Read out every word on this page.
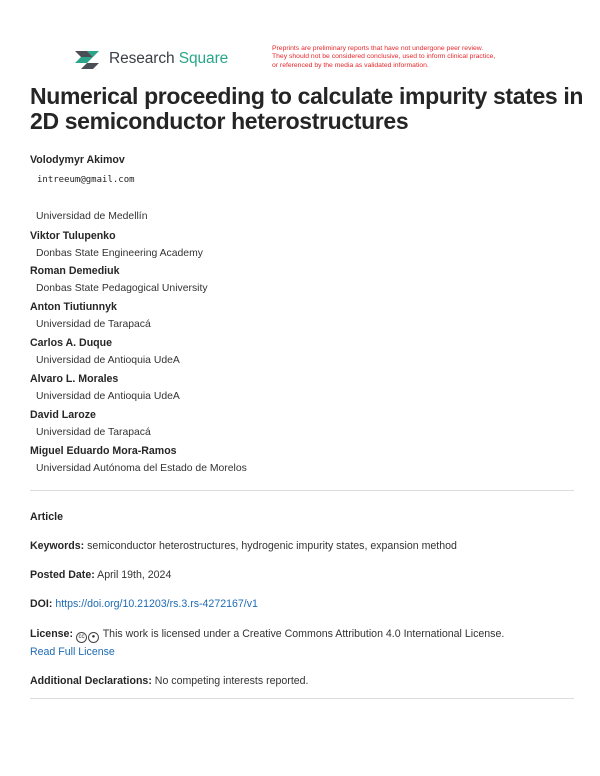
Research Square
Preprints are preliminary reports that have not undergone peer review.
They should not be considered conclusive, used to inform clinical practice,
or referenced by the media as validated information.
Numerical proceeding to calculate impurity states in
2D semiconductor heterostructures
Volodymyr Akimov
intreeum@gmail.com
Universidad de Medellín
Viktor Tulupenko
Donbas State Engineering Academy
Roman Demediuk
Donbas State Pedagogical University
Anton Tiutiunnyk
Universidad de Tarapacá
Carlos A. Duque
Universidad de Antioquia UdeA
Alvaro L. Morales
Universidad de Antioquia UdeA
David Laroze
Universidad de Tarapacá
Miguel Eduardo Mora-Ramos
Universidad Autónoma del Estado de Morelos
Article
Keywords: semiconductor heterostructures, hydrogenic impurity states, expansion method
Posted Date: April 19th, 2024
DOI: https://doi.org/10.21203/rs.3.rs-4272167/v1
License: cc ● This work is licensed under a Creative Commons Attribution 4.0 International License.
Read Full License
Additional Declarations: No competing interests reported.
